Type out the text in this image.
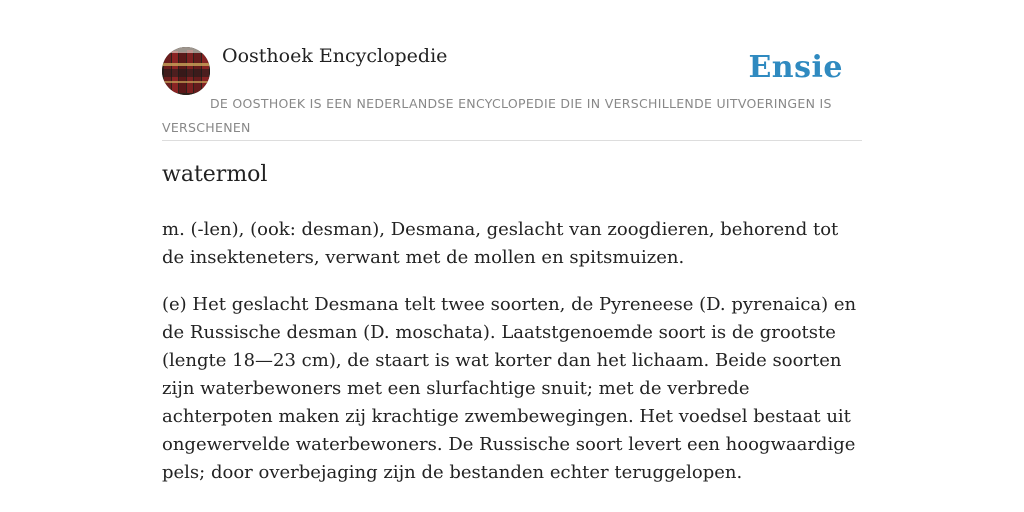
Oosthoek Encyclopedie	Ensie
DE OOSTHOEK IS EEN NEDERLANDSE ENCYCLOPEDIE DIE IN VERSCHILLENDE UITVOERINGEN IS VERSCHENEN
watermol

m. (-len), (ook: desman), Desmana, geslacht van zoogdieren, behorend tot de insekteneters, verwant met de mollen en spitsmuizen.

(e) Het geslacht Desmana telt twee soorten, de Pyreneese (D. pyrenaica) en de Russische desman (D. moschata). Laatstgenoemde soort is de grootste (lengte 18—23 cm), de staart is wat korter dan het lichaam. Beide soorten zijn waterbewoners met een slurfachtige snuit; met de verbrede achterpoten maken zij krachtige zwembewegingen. Het voedsel bestaat uit ongewervelde waterbewoners. De Russische soort levert een hoogwaardige pels; door overbejaging zijn de bestanden echter teruggelopen.
